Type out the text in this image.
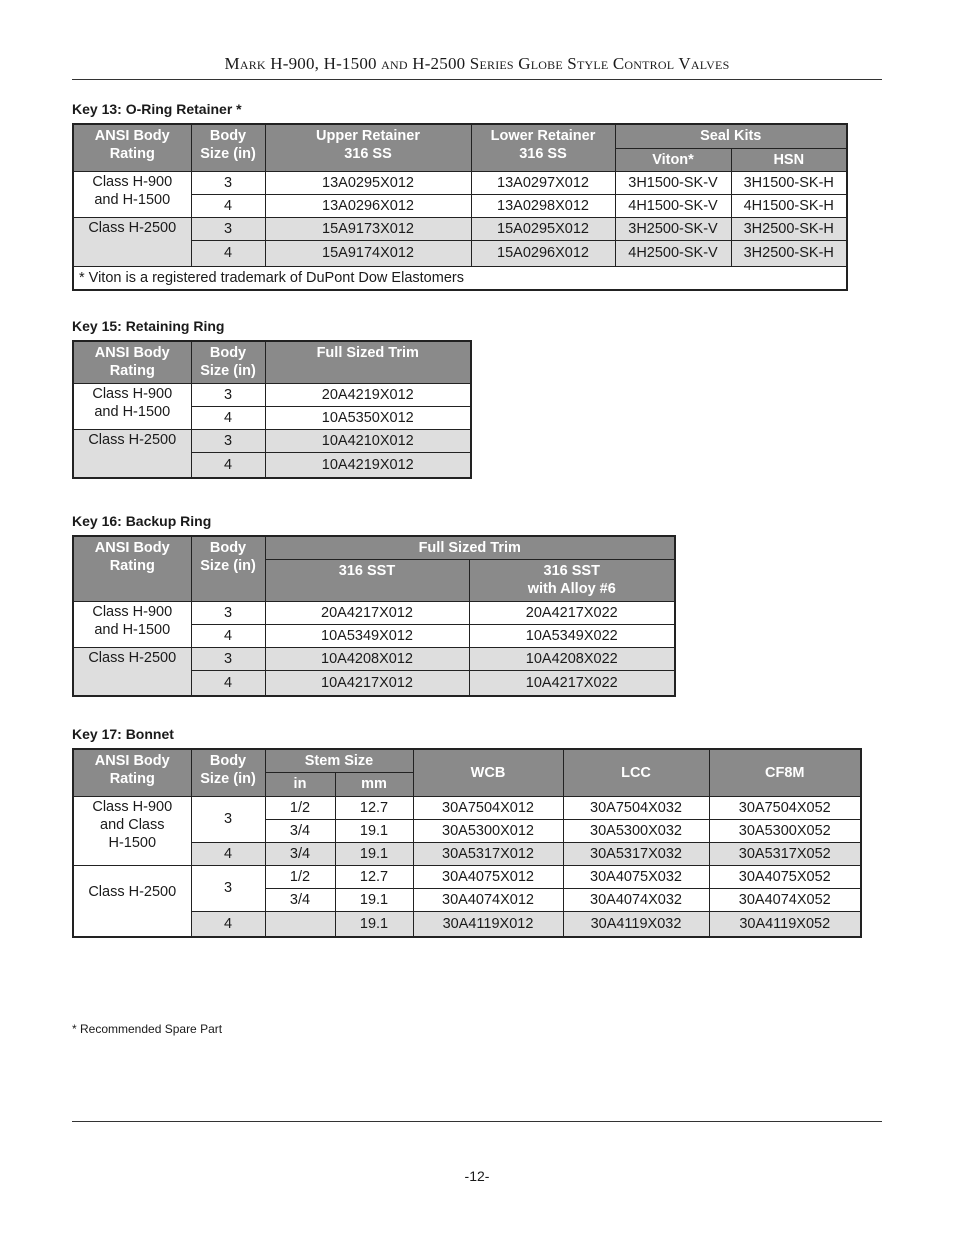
Mark H-900, H-1500 and H-2500 Series Globe Style Control Valves
Key 13: O-Ring Retainer *
ANSI Body
Rating	Body
Size (in)	Upper Retainer
316 SS	Lower Retainer
316 SS	Seal Kits	
				Viton*	HSN
Class H-900
and H-1500	3	13A0295X012	13A0297X012	3H1500-SK-V	3H1500-SK-H
	4	13A0296X012	13A0298X012	4H1500-SK-V	4H1500-SK-H
Class H-2500	3	15A9173X012	15A0295X012	3H2500-SK-V	3H2500-SK-H
	4	15A9174X012	15A0296X012	4H2500-SK-V	3H2500-SK-H
* Viton is a registered trademark of DuPont Dow Elastomers					
Key 15: Retaining Ring
ANSI Body
Rating	Body
Size (in)	Full Sized Trim
Class H-900
and H-1500	3	20A4219X012
	4	10A5350X012
Class H-2500	3	10A4210X012
	4	10A4219X012
Key 16: Backup Ring
ANSI Body
Rating	Body
Size (in)	Full Sized Trim	
		316 SST	316 SST
with Alloy #6
Class H-900
and H-1500	3	20A4217X012	20A4217X022
	4	10A5349X012	10A5349X022
Class H-2500	3	10A4208X012	10A4208X022
	4	10A4217X012	10A4217X022
Key 17: Bonnet
ANSI Body
Rating	Body
Size (in)	Stem Size		WCB	LCC	CF8M
		in	mm			
Class H-900
and Class
H-1500	3	1/2	12.7	30A7504X012	30A7504X032	30A7504X052
		3/4	19.1	30A5300X012	30A5300X032	30A5300X052
	4	3/4	19.1	30A5317X012	30A5317X032	30A5317X052
Class H-2500	3	1/2	12.7	30A4075X012	30A4075X032	30A4075X052
		3/4	19.1	30A4074X012	30A4074X032	30A4074X052
	4		19.1	30A4119X012	30A4119X032	30A4119X052
* Recommended Spare Part
-12-
